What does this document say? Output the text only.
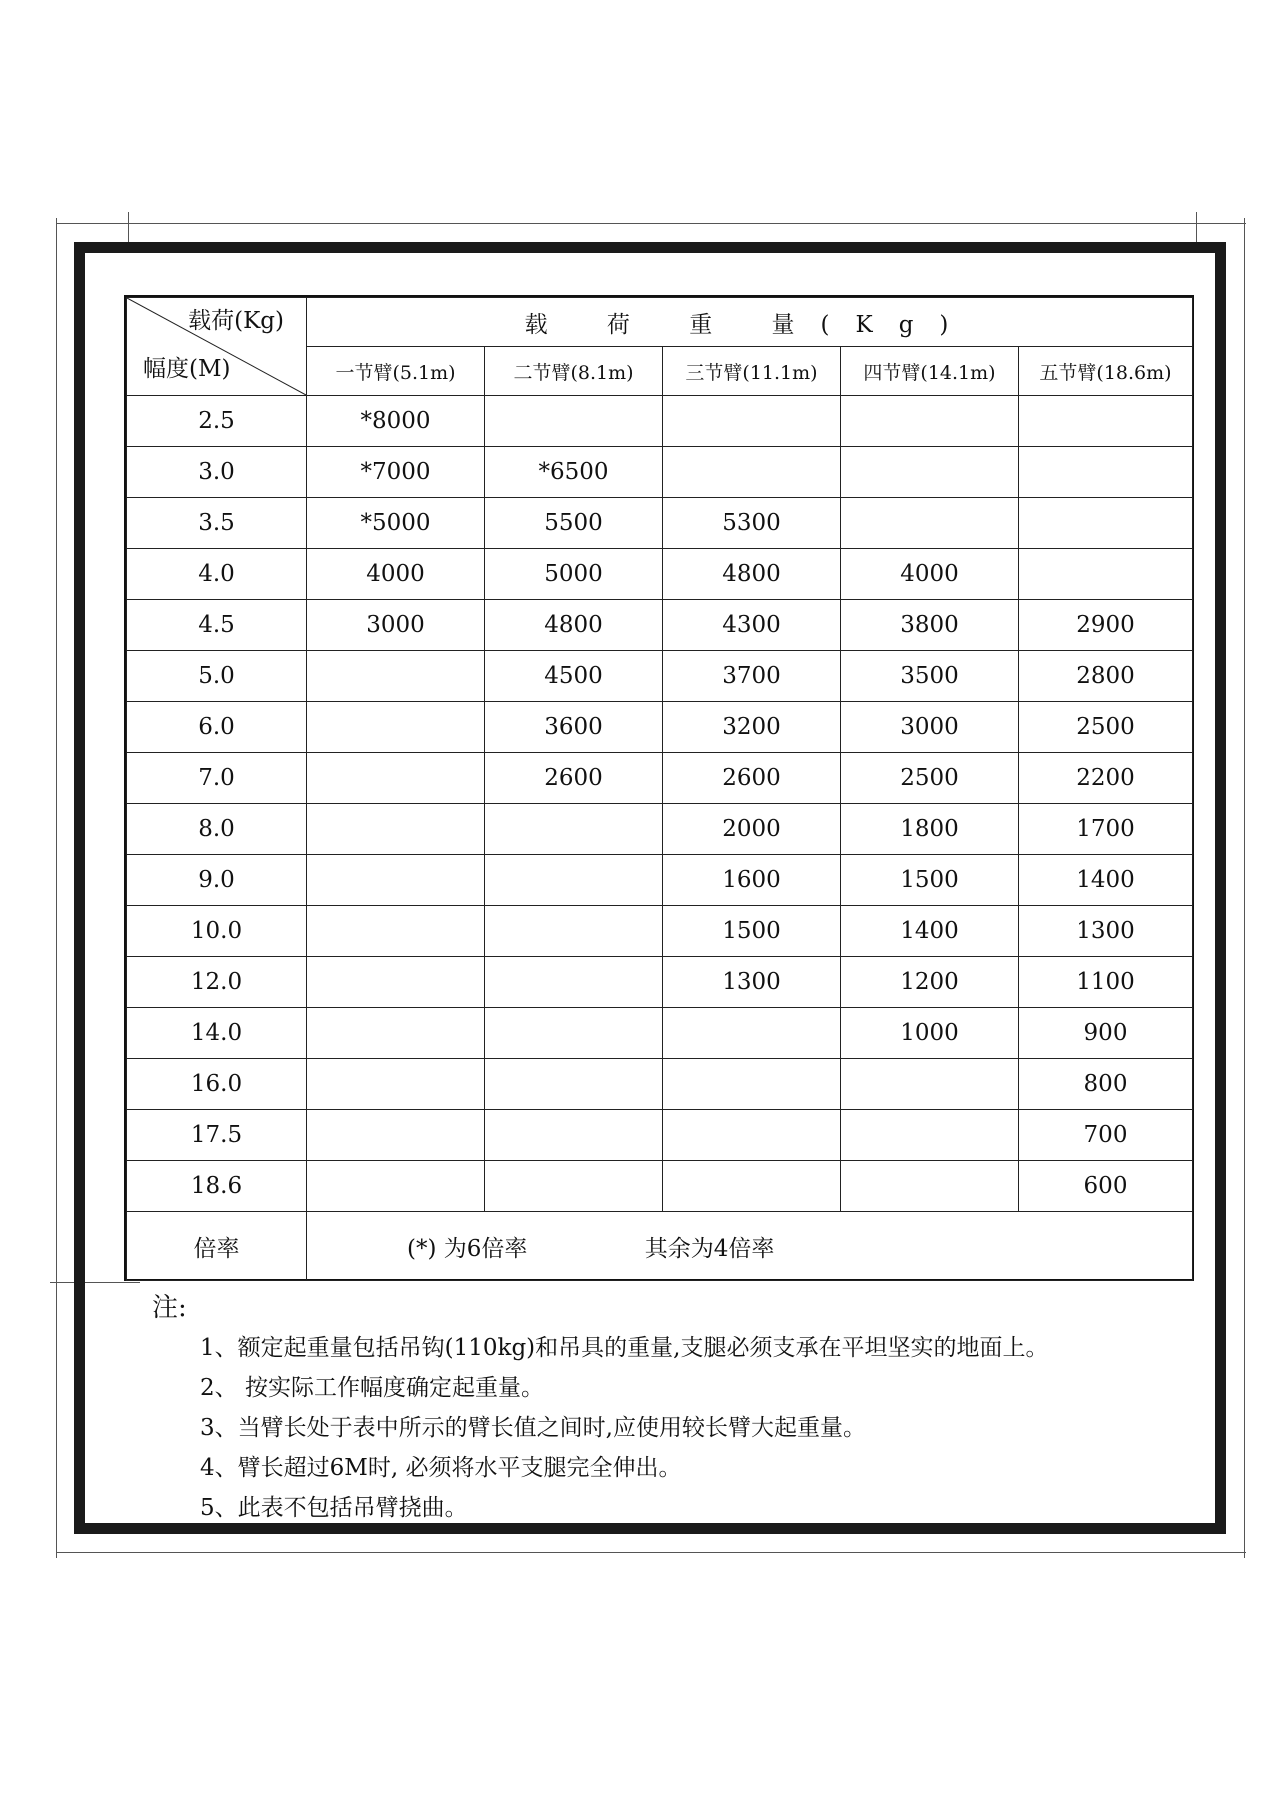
载荷(Kg)
幅度(M)	载 荷 重 量(Kg)				
	一节臂(5.1m)	二节臂(8.1m)	三节臂(11.1m)	四节臂(14.1m)	五节臂(18.6m)
2.5	*8000				
3.0	*7000	*6500			
3.5	*5000	5500	5300		
4.0	4000	5000	4800	4000	
4.5	3000	4800	4300	3800	2900
5.0		4500	3700	3500	2800
6.0		3600	3200	3000	2500
7.0		2600	2600	2500	2200
8.0			2000	1800	1700
9.0			1600	1500	1400
10.0			1500	1400	1300
12.0			1300	1200	1100
14.0				1000	900
16.0					800
17.5					700
18.6					600
倍率	(*) 为6倍率 其余为4倍率				
注:
1、额定起重量包括吊钩(110kg)和吊具的重量,支腿必须支承在平坦坚实的地面上。
2、 按实际工作幅度确定起重量。
3、当臂长处于表中所示的臂长值之间时,应使用较长臂大起重量。
4、臂长超过6M时, 必须将水平支腿完全伸出。
5、此表不包括吊臂挠曲。
